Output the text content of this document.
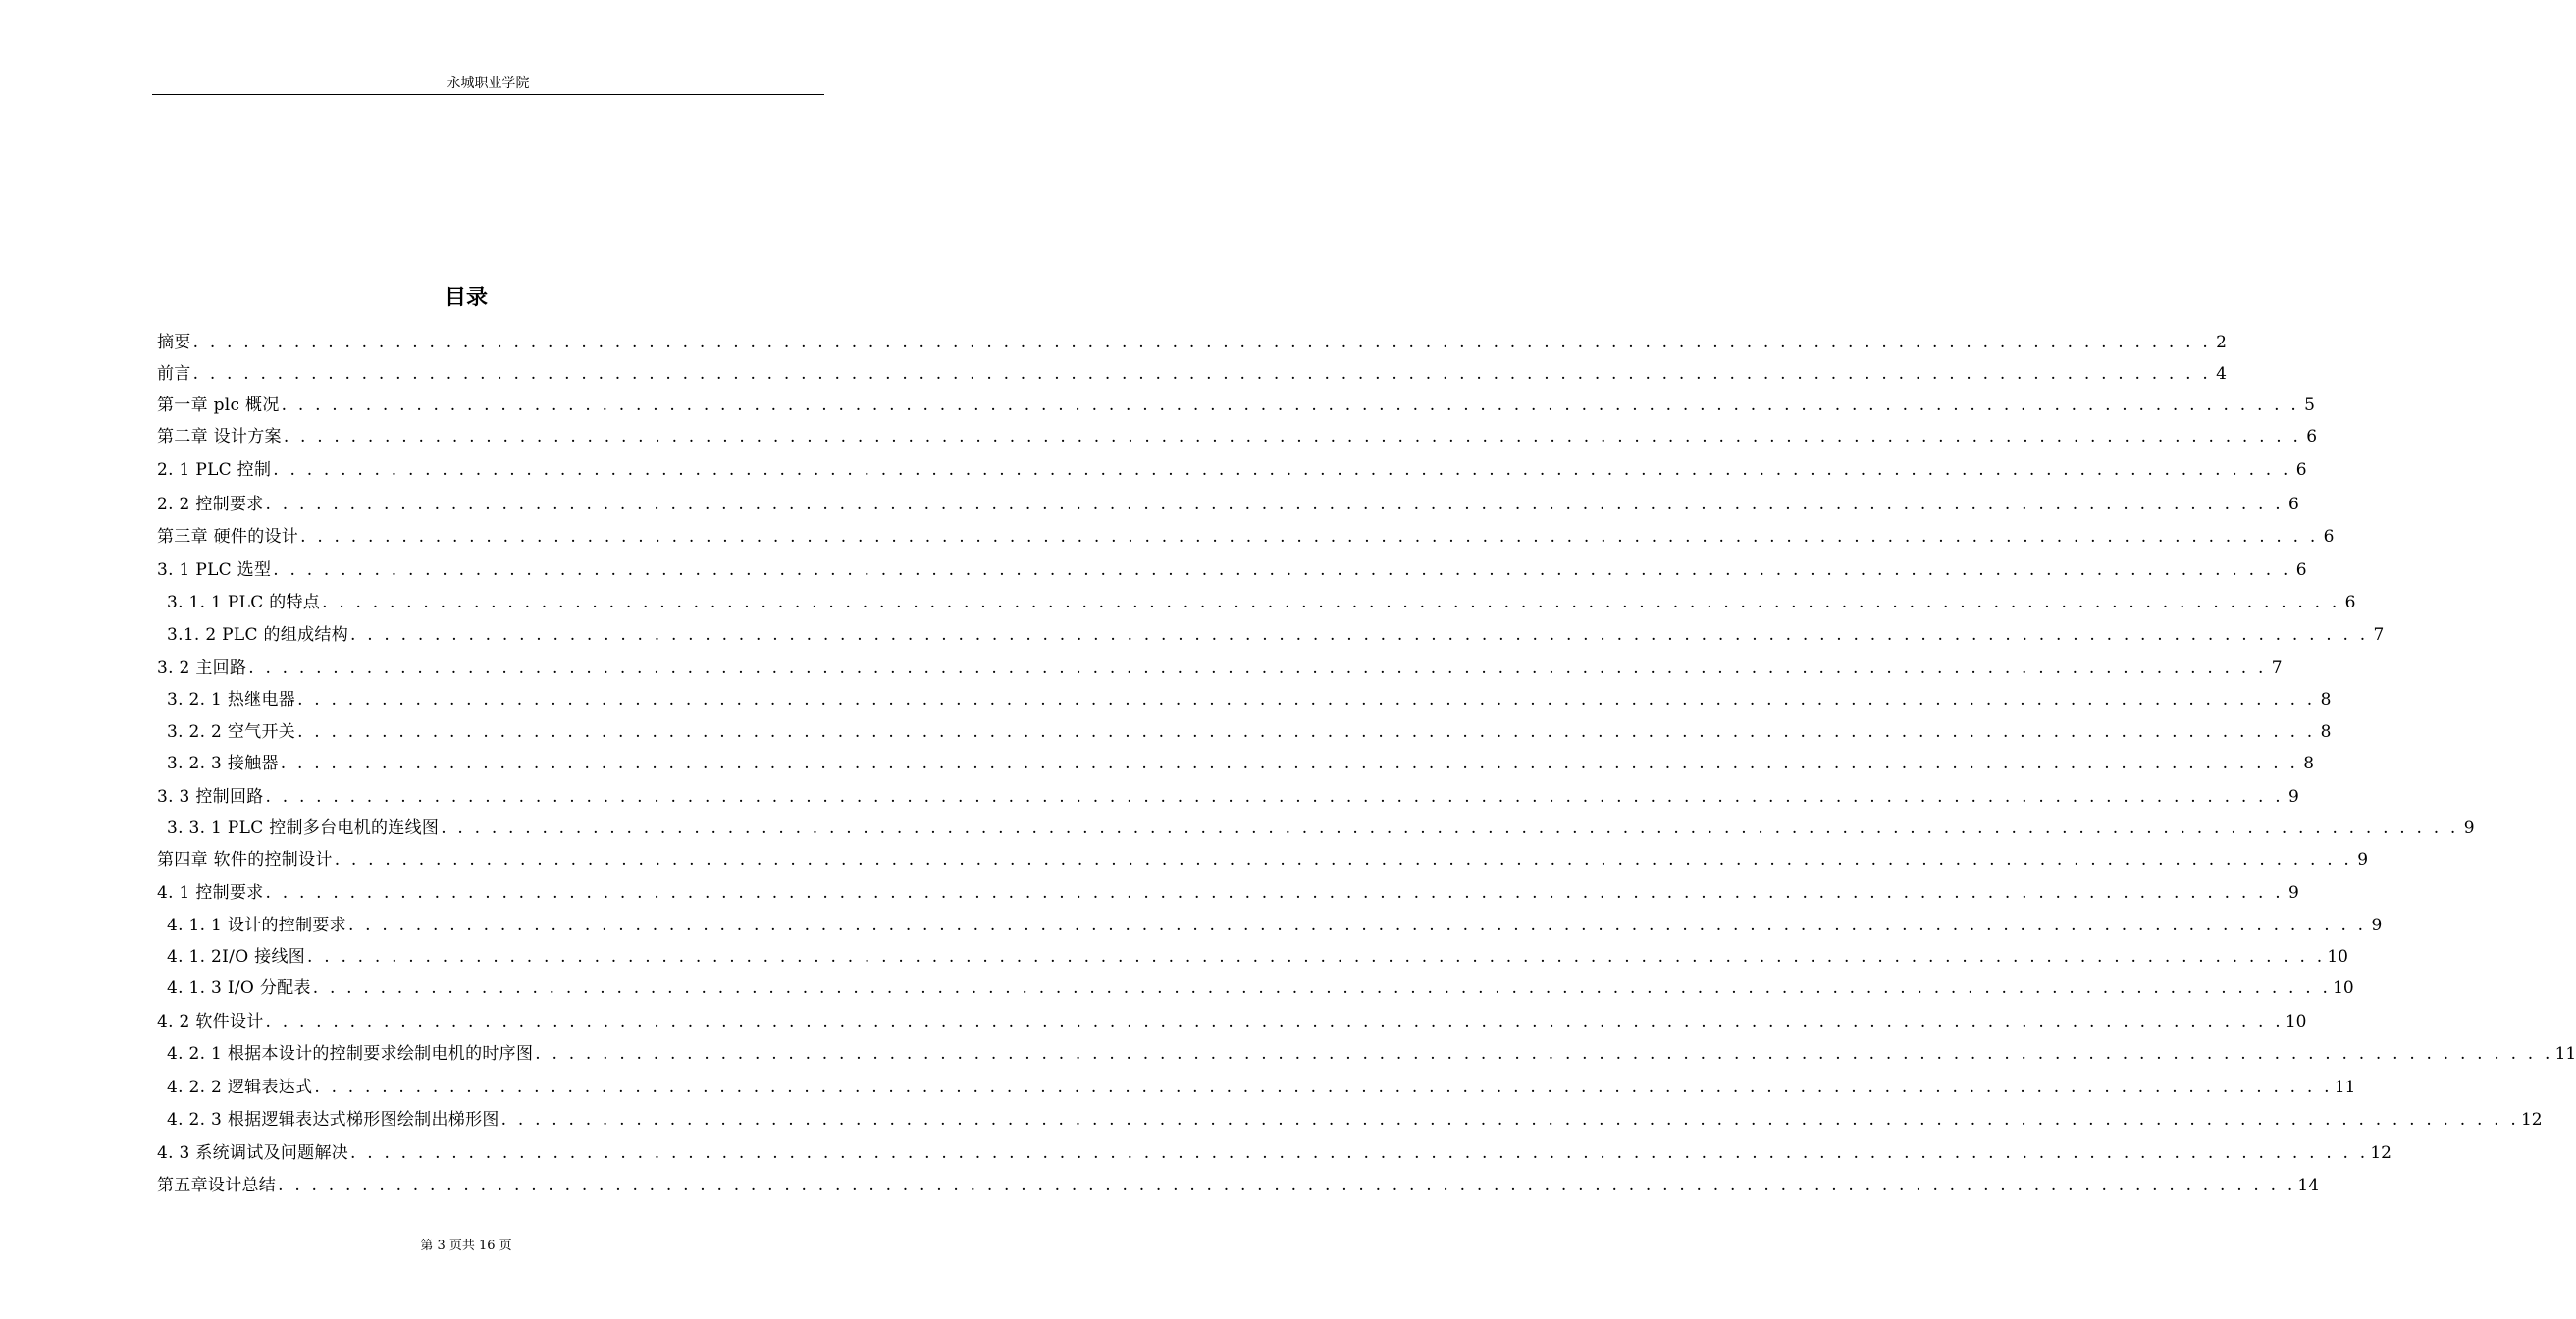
永城职业学院
目录
摘要 . . . . . . . . . . . . . . . . . . . . . . . . . . . . . . . . . . . . . . . . . . . . . . . . . . . . . . . . . . . . . . . . . . . . . . . . . . . . . . . . . . . . . . . . . . . . . . . . . . . . . . . . . . . . . . . . . . . . . . . . 2
前言 . . . . . . . . . . . . . . . . . . . . . . . . . . . . . . . . . . . . . . . . . . . . . . . . . . . . . . . . . . . . . . . . . . . . . . . . . . . . . . . . . . . . . . . . . . . . . . . . . . . . . . . . . . . . . . . . . . . . . . . . 4
第一章 plc 概况 . . . . . . . . . . . . . . . . . . . . . . . . . . . . . . . . . . . . . . . . . . . . . . . . . . . . . . . . . . . . . . . . . . . . . . . . . . . . . . . . . . . . . . . . . . . . . . . . . . . . . . . . . . . . . . . . . . . . . . . . 5
第二章 设计方案 . . . . . . . . . . . . . . . . . . . . . . . . . . . . . . . . . . . . . . . . . . . . . . . . . . . . . . . . . . . . . . . . . . . . . . . . . . . . . . . . . . . . . . . . . . . . . . . . . . . . . . . . . . . . . . . . . . . . . . . . 6
2. 1 PLC 控制 . . . . . . . . . . . . . . . . . . . . . . . . . . . . . . . . . . . . . . . . . . . . . . . . . . . . . . . . . . . . . . . . . . . . . . . . . . . . . . . . . . . . . . . . . . . . . . . . . . . . . . . . . . . . . . . . . . . . . . . . 6
2. 2 控制要求 . . . . . . . . . . . . . . . . . . . . . . . . . . . . . . . . . . . . . . . . . . . . . . . . . . . . . . . . . . . . . . . . . . . . . . . . . . . . . . . . . . . . . . . . . . . . . . . . . . . . . . . . . . . . . . . . . . . . . . . . 6
第三章 硬件的设计 . . . . . . . . . . . . . . . . . . . . . . . . . . . . . . . . . . . . . . . . . . . . . . . . . . . . . . . . . . . . . . . . . . . . . . . . . . . . . . . . . . . . . . . . . . . . . . . . . . . . . . . . . . . . . . . . . . . . . . . . 6
3. 1 PLC 选型 . . . . . . . . . . . . . . . . . . . . . . . . . . . . . . . . . . . . . . . . . . . . . . . . . . . . . . . . . . . . . . . . . . . . . . . . . . . . . . . . . . . . . . . . . . . . . . . . . . . . . . . . . . . . . . . . . . . . . . . . 6
3. 1. 1 PLC 的特点 . . . . . . . . . . . . . . . . . . . . . . . . . . . . . . . . . . . . . . . . . . . . . . . . . . . . . . . . . . . . . . . . . . . . . . . . . . . . . . . . . . . . . . . . . . . . . . . . . . . . . . . . . . . . . . . . . . . . . . . . 6
3.1. 2 PLC 的组成结构 . . . . . . . . . . . . . . . . . . . . . . . . . . . . . . . . . . . . . . . . . . . . . . . . . . . . . . . . . . . . . . . . . . . . . . . . . . . . . . . . . . . . . . . . . . . . . . . . . . . . . . . . . . . . . . . . . . . . . . . . 7
3. 2 主回路 . . . . . . . . . . . . . . . . . . . . . . . . . . . . . . . . . . . . . . . . . . . . . . . . . . . . . . . . . . . . . . . . . . . . . . . . . . . . . . . . . . . . . . . . . . . . . . . . . . . . . . . . . . . . . . . . . . . . . . . . 7
3. 2. 1 热继电器 . . . . . . . . . . . . . . . . . . . . . . . . . . . . . . . . . . . . . . . . . . . . . . . . . . . . . . . . . . . . . . . . . . . . . . . . . . . . . . . . . . . . . . . . . . . . . . . . . . . . . . . . . . . . . . . . . . . . . . . . 8
3. 2. 2 空气开关 . . . . . . . . . . . . . . . . . . . . . . . . . . . . . . . . . . . . . . . . . . . . . . . . . . . . . . . . . . . . . . . . . . . . . . . . . . . . . . . . . . . . . . . . . . . . . . . . . . . . . . . . . . . . . . . . . . . . . . . . 8
3. 2. 3 接触器 . . . . . . . . . . . . . . . . . . . . . . . . . . . . . . . . . . . . . . . . . . . . . . . . . . . . . . . . . . . . . . . . . . . . . . . . . . . . . . . . . . . . . . . . . . . . . . . . . . . . . . . . . . . . . . . . . . . . . . . . 8
3. 3 控制回路 . . . . . . . . . . . . . . . . . . . . . . . . . . . . . . . . . . . . . . . . . . . . . . . . . . . . . . . . . . . . . . . . . . . . . . . . . . . . . . . . . . . . . . . . . . . . . . . . . . . . . . . . . . . . . . . . . . . . . . . . 9
3. 3. 1 PLC 控制多台电机的连线图 . . . . . . . . . . . . . . . . . . . . . . . . . . . . . . . . . . . . . . . . . . . . . . . . . . . . . . . . . . . . . . . . . . . . . . . . . . . . . . . . . . . . . . . . . . . . . . . . . . . . . . . . . . . . . . . . . . . . . . . . 9
第四章 软件的控制设计 . . . . . . . . . . . . . . . . . . . . . . . . . . . . . . . . . . . . . . . . . . . . . . . . . . . . . . . . . . . . . . . . . . . . . . . . . . . . . . . . . . . . . . . . . . . . . . . . . . . . . . . . . . . . . . . . . . . . . . . . 9
4. 1 控制要求 . . . . . . . . . . . . . . . . . . . . . . . . . . . . . . . . . . . . . . . . . . . . . . . . . . . . . . . . . . . . . . . . . . . . . . . . . . . . . . . . . . . . . . . . . . . . . . . . . . . . . . . . . . . . . . . . . . . . . . . . 9
4. 1. 1 设计的控制要求 . . . . . . . . . . . . . . . . . . . . . . . . . . . . . . . . . . . . . . . . . . . . . . . . . . . . . . . . . . . . . . . . . . . . . . . . . . . . . . . . . . . . . . . . . . . . . . . . . . . . . . . . . . . . . . . . . . . . . . . . 9
4. 1. 2I/O 接线图 . . . . . . . . . . . . . . . . . . . . . . . . . . . . . . . . . . . . . . . . . . . . . . . . . . . . . . . . . . . . . . . . . . . . . . . . . . . . . . . . . . . . . . . . . . . . . . . . . . . . . . . . . . . . . . . . . . . . . . . . 10
4. 1. 3 I/O 分配表 . . . . . . . . . . . . . . . . . . . . . . . . . . . . . . . . . . . . . . . . . . . . . . . . . . . . . . . . . . . . . . . . . . . . . . . . . . . . . . . . . . . . . . . . . . . . . . . . . . . . . . . . . . . . . . . . . . . . . . . . 10
4. 2 软件设计 . . . . . . . . . . . . . . . . . . . . . . . . . . . . . . . . . . . . . . . . . . . . . . . . . . . . . . . . . . . . . . . . . . . . . . . . . . . . . . . . . . . . . . . . . . . . . . . . . . . . . . . . . . . . . . . . . . . . . . . . 10
4. 2. 1 根据本设计的控制要求绘制电机的时序图 . . . . . . . . . . . . . . . . . . . . . . . . . . . . . . . . . . . . . . . . . . . . . . . . . . . . . . . . . . . . . . . . . . . . . . . . . . . . . . . . . . . . . . . . . . . . . . . . . . . . . . . . . . . . . . . . . . . . . . . . 11
4. 2. 2 逻辑表达式 . . . . . . . . . . . . . . . . . . . . . . . . . . . . . . . . . . . . . . . . . . . . . . . . . . . . . . . . . . . . . . . . . . . . . . . . . . . . . . . . . . . . . . . . . . . . . . . . . . . . . . . . . . . . . . . . . . . . . . . . 11
4. 2. 3 根据逻辑表达式梯形图绘制出梯形图 . . . . . . . . . . . . . . . . . . . . . . . . . . . . . . . . . . . . . . . . . . . . . . . . . . . . . . . . . . . . . . . . . . . . . . . . . . . . . . . . . . . . . . . . . . . . . . . . . . . . . . . . . . . . . . . . . . . . . . . . 12
4. 3 系统调试及问题解决 . . . . . . . . . . . . . . . . . . . . . . . . . . . . . . . . . . . . . . . . . . . . . . . . . . . . . . . . . . . . . . . . . . . . . . . . . . . . . . . . . . . . . . . . . . . . . . . . . . . . . . . . . . . . . . . . . . . . . . . . 12
第五章设计总结 . . . . . . . . . . . . . . . . . . . . . . . . . . . . . . . . . . . . . . . . . . . . . . . . . . . . . . . . . . . . . . . . . . . . . . . . . . . . . . . . . . . . . . . . . . . . . . . . . . . . . . . . . . . . . . . . . . . . . . . . 14
第 3 页共 16 页
